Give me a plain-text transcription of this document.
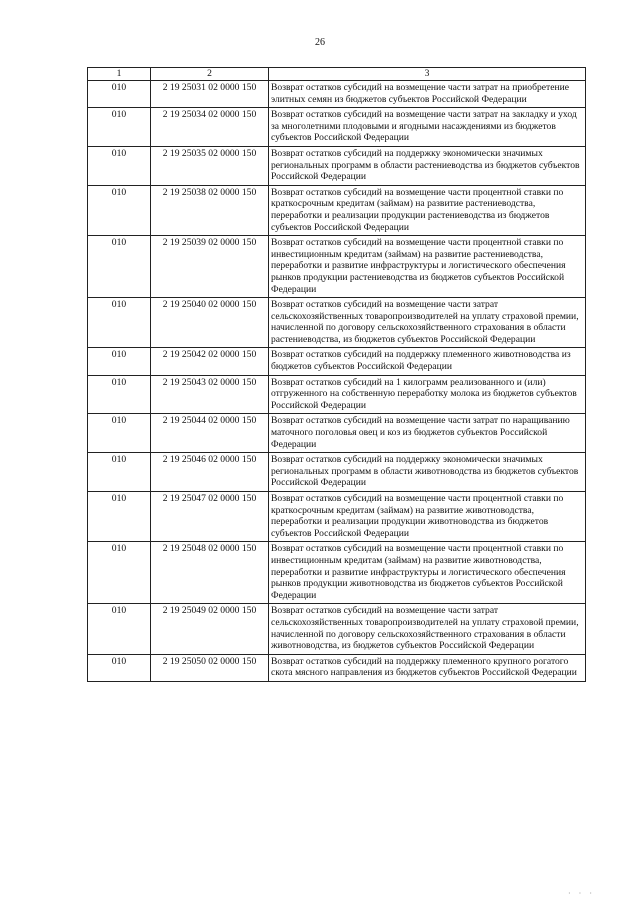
26
1	2	3
010	2 19 25031 02 0000 150	Возврат остатков субсидий на возмещение части затрат на приобретение элитных семян из бюджетов субъектов Российской Федерации
010	2 19 25034 02 0000 150	Возврат остатков субсидий на возмещение части затрат на закладку и уход за многолетними плодовыми и ягодными насаждениями из бюджетов субъектов Российской Федерации
010	2 19 25035 02 0000 150	Возврат остатков субсидий на поддержку экономически значимых региональных программ в области растениеводства из бюджетов субъектов Российской Федерации
010	2 19 25038 02 0000 150	Возврат остатков субсидий на возмещение части процентной ставки по краткосрочным кредитам (займам) на развитие растениеводства, переработки и реализации продукции растениеводства из бюджетов субъектов Российской Федерации
010	2 19 25039 02 0000 150	Возврат остатков субсидий на возмещение части процентной ставки по инвестиционным кредитам (займам) на развитие растениеводства, переработки и развитие инфраструктуры и логистического обеспечения рынков продукции растениеводства из бюджетов субъектов Российской Федерации
010	2 19 25040 02 0000 150	Возврат остатков субсидий на возмещение части затрат сельскохозяйственных товаропроизводителей на уплату страховой премии, начисленной по договору сельскохозяйственного страхования в области растениеводства, из бюджетов субъектов Российской Федерации
010	2 19 25042 02 0000 150	Возврат остатков субсидий на поддержку племенного животноводства из бюджетов субъектов Российской Федерации
010	2 19 25043 02 0000 150	Возврат остатков субсидий на 1 килограмм реализованного и (или) отгруженного на собственную переработку молока из бюджетов субъектов Российской Федерации
010	2 19 25044 02 0000 150	Возврат остатков субсидий на возмещение части затрат по наращиванию маточного поголовья овец и коз из бюджетов субъектов Российской Федерации
010	2 19 25046 02 0000 150	Возврат остатков субсидий на поддержку экономически значимых региональных программ в области животноводства из бюджетов субъектов Российской Федерации
010	2 19 25047 02 0000 150	Возврат остатков субсидий на возмещение части процентной ставки по краткосрочным кредитам (займам) на развитие животноводства, переработки и реализации продукции животноводства из бюджетов субъектов Российской Федерации
010	2 19 25048 02 0000 150	Возврат остатков субсидий на возмещение части процентной ставки по инвестиционным кредитам (займам) на развитие животноводства, переработки и развитие инфраструктуры и логистического обеспечения рынков продукции животноводства из бюджетов субъектов Российской Федерации
010	2 19 25049 02 0000 150	Возврат остатков субсидий на возмещение части затрат сельскохозяйственных товаропроизводителей на уплату страховой премии, начисленной по договору сельскохозяйственного страхования в области животноводства, из бюджетов субъектов Российской Федерации
010	2 19 25050 02 0000 150	Возврат остатков субсидий на поддержку племенного крупного рогатого скота мясного направления из бюджетов субъектов Российской Федерации
· · ·
